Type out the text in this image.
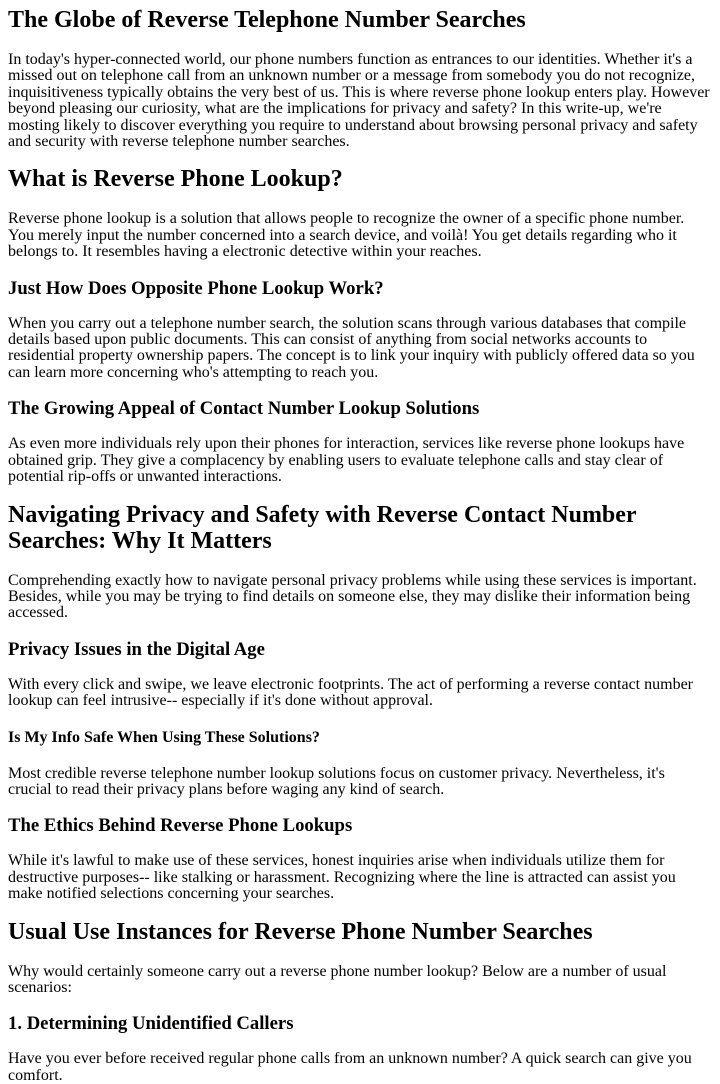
The Globe of Reverse Telephone Number Searches

In today's hyper-connected world, our phone numbers function as entrances to our identities. Whether it's a missed out on telephone call from an unknown number or a message from somebody you do not recognize, inquisitiveness typically obtains the very best of us. This is where reverse phone lookup enters play. However beyond pleasing our curiosity, what are the implications for privacy and safety? In this write-up, we're mosting likely to discover everything you require to understand about browsing personal privacy and safety and security with reverse telephone number searches.

What is Reverse Phone Lookup?

Reverse phone lookup is a solution that allows people to recognize the owner of a specific phone number. You merely input the number concerned into a search device, and voilà! You get details regarding who it belongs to. It resembles having a electronic detective within your reaches.

Just How Does Opposite Phone Lookup Work?

When you carry out a telephone number search, the solution scans through various databases that compile details based upon public documents. This can consist of anything from social networks accounts to residential property ownership papers. The concept is to link your inquiry with publicly offered data so you can learn more concerning who's attempting to reach you.

The Growing Appeal of Contact Number Lookup Solutions

As even more individuals rely upon their phones for interaction, services like reverse phone lookups have obtained grip. They give a complacency by enabling users to evaluate telephone calls and stay clear of potential rip-offs or unwanted interactions.

Navigating Privacy and Safety with Reverse Contact Number Searches: Why It Matters

Comprehending exactly how to navigate personal privacy problems while using these services is important. Besides, while you may be trying to find details on someone else, they may dislike their information being accessed.

Privacy Issues in the Digital Age

With every click and swipe, we leave electronic footprints. The act of performing a reverse contact number lookup can feel intrusive-- especially if it's done without approval.

Is My Info Safe When Using These Solutions?

Most credible reverse telephone number lookup solutions focus on customer privacy. Nevertheless, it's crucial to read their privacy plans before waging any kind of search.

The Ethics Behind Reverse Phone Lookups

While it's lawful to make use of these services, honest inquiries arise when individuals utilize them for destructive purposes-- like stalking or harassment. Recognizing where the line is attracted can assist you make notified selections concerning your searches.

Usual Use Instances for Reverse Phone Number Searches

Why would certainly someone carry out a reverse phone number lookup? Below are a number of usual scenarios:

1. Determining Unidentified Callers

Have you ever before received regular phone calls from an unknown number? A quick search can give you comfort.
